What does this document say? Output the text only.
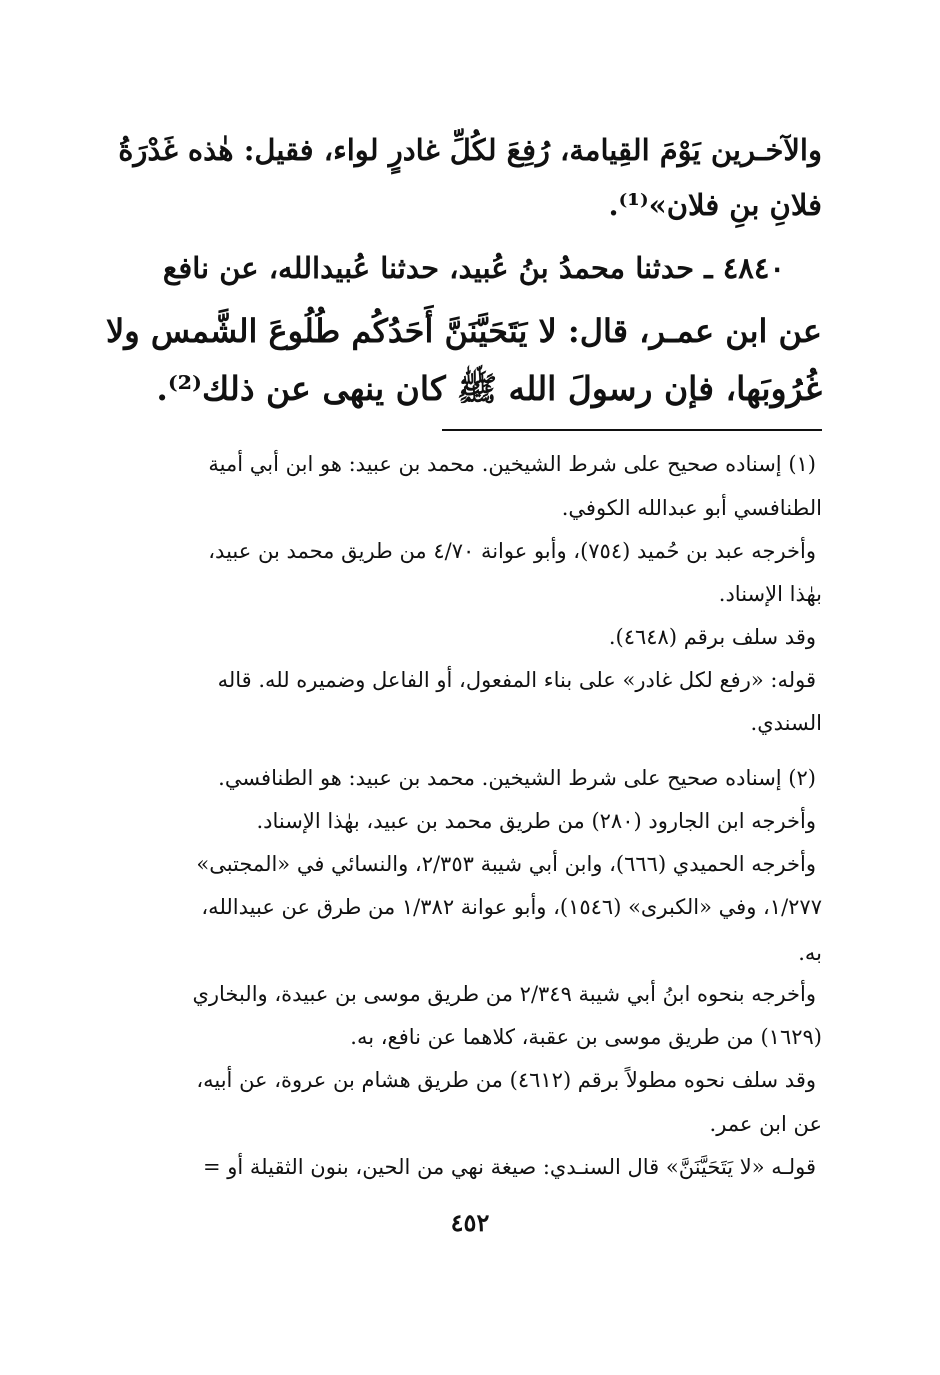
والآخـرين يَوْمَ القِيامة، رُفِعَ لكُلِّ غادرٍ لواء، فقيل: هٰذه غَدْرَةُ
فلانِ بنِ فلان»⁽¹⁾.
٤٨٤٠ ـ حدثنا محمدُ بنُ عُبيد، حدثنا عُبيدالله، عن نافع
عن ابن عمـر، قال: لا يَتَحَيَّنَنَّ أَحَدُكُم طُلُوعَ الشَّمس ولا
غُرُوبَها، فإن رسولَ الله ﷺ كان ينهى عن ذلك⁽²⁾.
(١) إسناده صحيح على شرط الشيخين. محمد بن عبيد: هو ابن أبي أمية
الطنافسي أبو عبدالله الكوفي.
وأخرجه عبد بن حُميد (٧٥٤)، وأبو عوانة ٤/٧٠ من طريق محمد بن عبيد،
بهٰذا الإسناد.
وقد سلف برقم (٤٦٤٨).
قوله: «رفع لكل غادر» على بناء المفعول، أو الفاعل وضميره لله. قاله
السندي.
(٢) إسناده صحيح على شرط الشيخين. محمد بن عبيد: هو الطنافسي.
وأخرجه ابن الجارود (٢٨٠) من طريق محمد بن عبيد، بهٰذا الإسناد.
وأخرجه الحميدي (٦٦٦)، وابن أبي شيبة ٢/٣٥٣، والنسائي في «المجتبى»
١/٢٧٧، وفي «الكبرى» (١٥٤٦)، وأبو عوانة ١/٣٨٢ من طرق عن عبيدالله،
به.
وأخرجه بنحوه ابنُ أبي شيبة ٢/٣٤٩ من طريق موسى بن عبيدة، والبخاري
(١٦٢٩) من طريق موسى بن عقبة، كلاهما عن نافع، به.
وقد سلف نحوه مطولاً برقم (٤٦١٢) من طريق هشام بن عروة، عن أبيه،
عن ابن عمر.
قولـه «لا يَتَحَيَّنَنَّ» قال السنـدي: صيغة نهي من الحين، بنون الثقيلة أو =
٤٥٢
